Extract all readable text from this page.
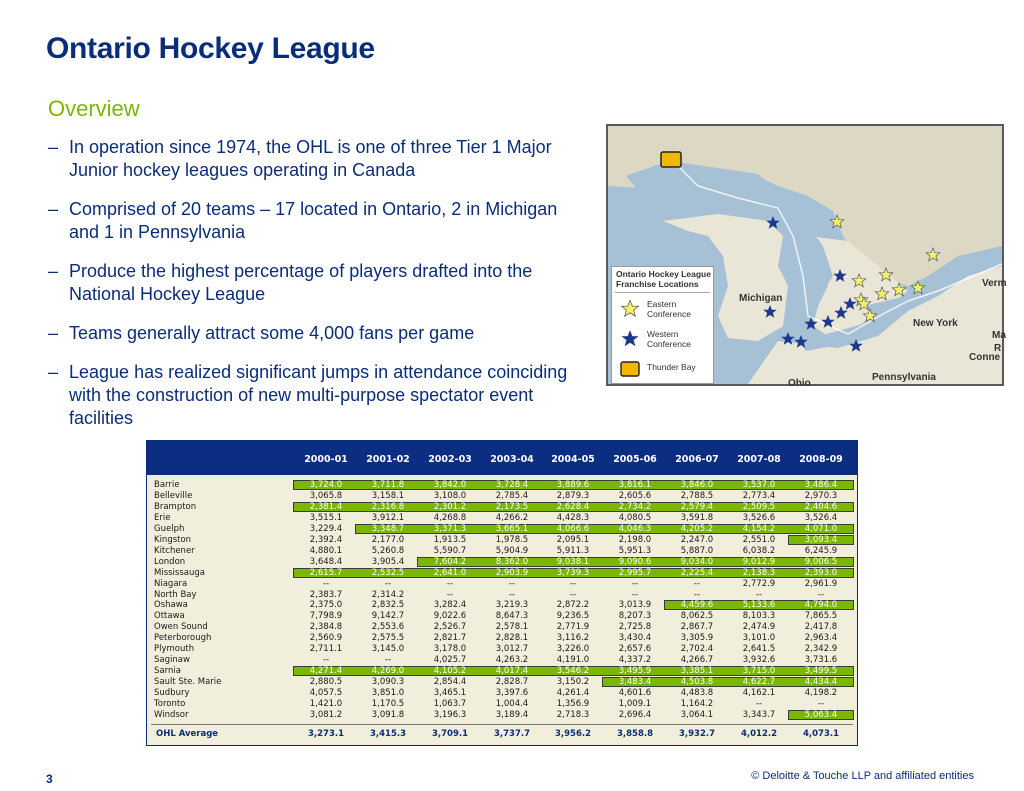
Ontario Hockey League
Overview
– In operation since 1974, the OHL is one of three Tier 1 Major Junior hockey leagues operating in Canada
– Comprised of 20 teams – 17 located in Ontario, 2 in Michigan and 1 in Pennsylvania
– Produce the highest percentage of players drafted into the National Hockey League
– Teams generally attract some 4,000 fans per game
– League has realized significant jumps in attendance coinciding with the construction of new multi-purpose spectator event facilities
Michigan
New York
Pennsylvania
Ohio
Verm
Ma
Conne
R
Ontario Hockey League Franchise Locations
Eastern Conference
Western Conference
Thunder Bay
2000-01	2001-02	2002-03	2003-04	2004-05	2005-06	2006-07	2007-08	2008-09
Barrie	3,724.0	3,711.8	3,842.0	3,728.4	3,889.6	3,816.1	3,846.0	3,537.0	3,486.4
Belleville	3,065.8	3,158.1	3,108.0	2,785.4	2,879.3	2,605.6	2,788.5	2,773.4	2,970.3
Brampton	2,381.4	2,316.8	2,301.2	2,173.5	2,628.4	2,734.2	2,579.4	2,509.5	2,404.6
Erie	3,515.1	3,912.1	4,268.8	4,266.2	4,428.3	4,080.5	3,591.8	3,526.6	3,526.4
Guelph	3,229.4	3,348.7	3,371.3	3,665.1	4,066.6	4,046.3	4,205.2	4,154.2	4,071.0
Kingston	2,392.4	2,177.0	1,913.5	1,978.5	2,095.1	2,198.0	2,247.0	2,551.0	3,093.4
Kitchener	4,880.1	5,260.8	5,590.7	5,904.9	5,911.3	5,951.3	5,887.0	6,038.2	6,245.9
London	3,648.4	3,905.4	7,604.2	8,362.0	9,038.1	9,090.6	9,034.0	9,012.9	9,006.5
Mississauga	2,615.7	2,532.5	2,641.0	2,903.9	3,739.3	2,995.7	2,225.4	2,138.3	2,393.0
Niagara	--	--	--	--	--	--	--	2,772.9	2,961.9
North Bay	2,383.7	2,314.2	--	--	--	--	--	--	--
Oshawa	2,375.0	2,832.5	3,282.4	3,219.3	2,872.2	3,013.9	4,459.6	5,133.6	4,794.0
Ottawa	7,798.9	9,142.7	9,022.6	8,647.3	9,236.5	8,207.3	8,062.5	8,103.3	7,865.5
Owen Sound	2,384.8	2,553.6	2,526.7	2,578.1	2,771.9	2,725.8	2,867.7	2,474.9	2,417.8
Peterborough	2,560.9	2,575.5	2,821.7	2,828.1	3,116.2	3,430.4	3,305.9	3,101.0	2,963.4
Plymouth	2,711.1	3,145.0	3,178.0	3,012.7	3,226.0	2,657.6	2,702.4	2,641.5	2,342.9
Saginaw	--	--	4,025.7	4,263.2	4,191.0	4,337.2	4,266.7	3,932.6	3,731.6
Sarnia	4,271.4	4,269.0	4,105.2	4,017.4	3,546.2	3,495.9	3,385.1	3,715.0	3,499.5
Sault Ste. Marie	2,880.5	3,090.3	2,854.4	2,828.7	3,150.2	3,483.4	4,503.8	4,622.7	4,434.4
Sudbury	4,057.5	3,851.0	3,465.1	3,397.6	4,261.4	4,601.6	4,483.8	4,162.1	4,198.2
Toronto	1,421.0	1,170.5	1,063.7	1,004.4	1,356.9	1,009.1	1,164.2	--	--
Windsor	3,081.2	3,091.8	3,196.3	3,189.4	2,718.3	2,696.4	3,064.1	3,343.7	5,063.4
OHL Average	3,273.1	3,415.3	3,709.1	3,737.7	3,956.2	3,858.8	3,932.7	4,012.2	4,073.1
3	© Deloitte & Touche LLP and affiliated entities
